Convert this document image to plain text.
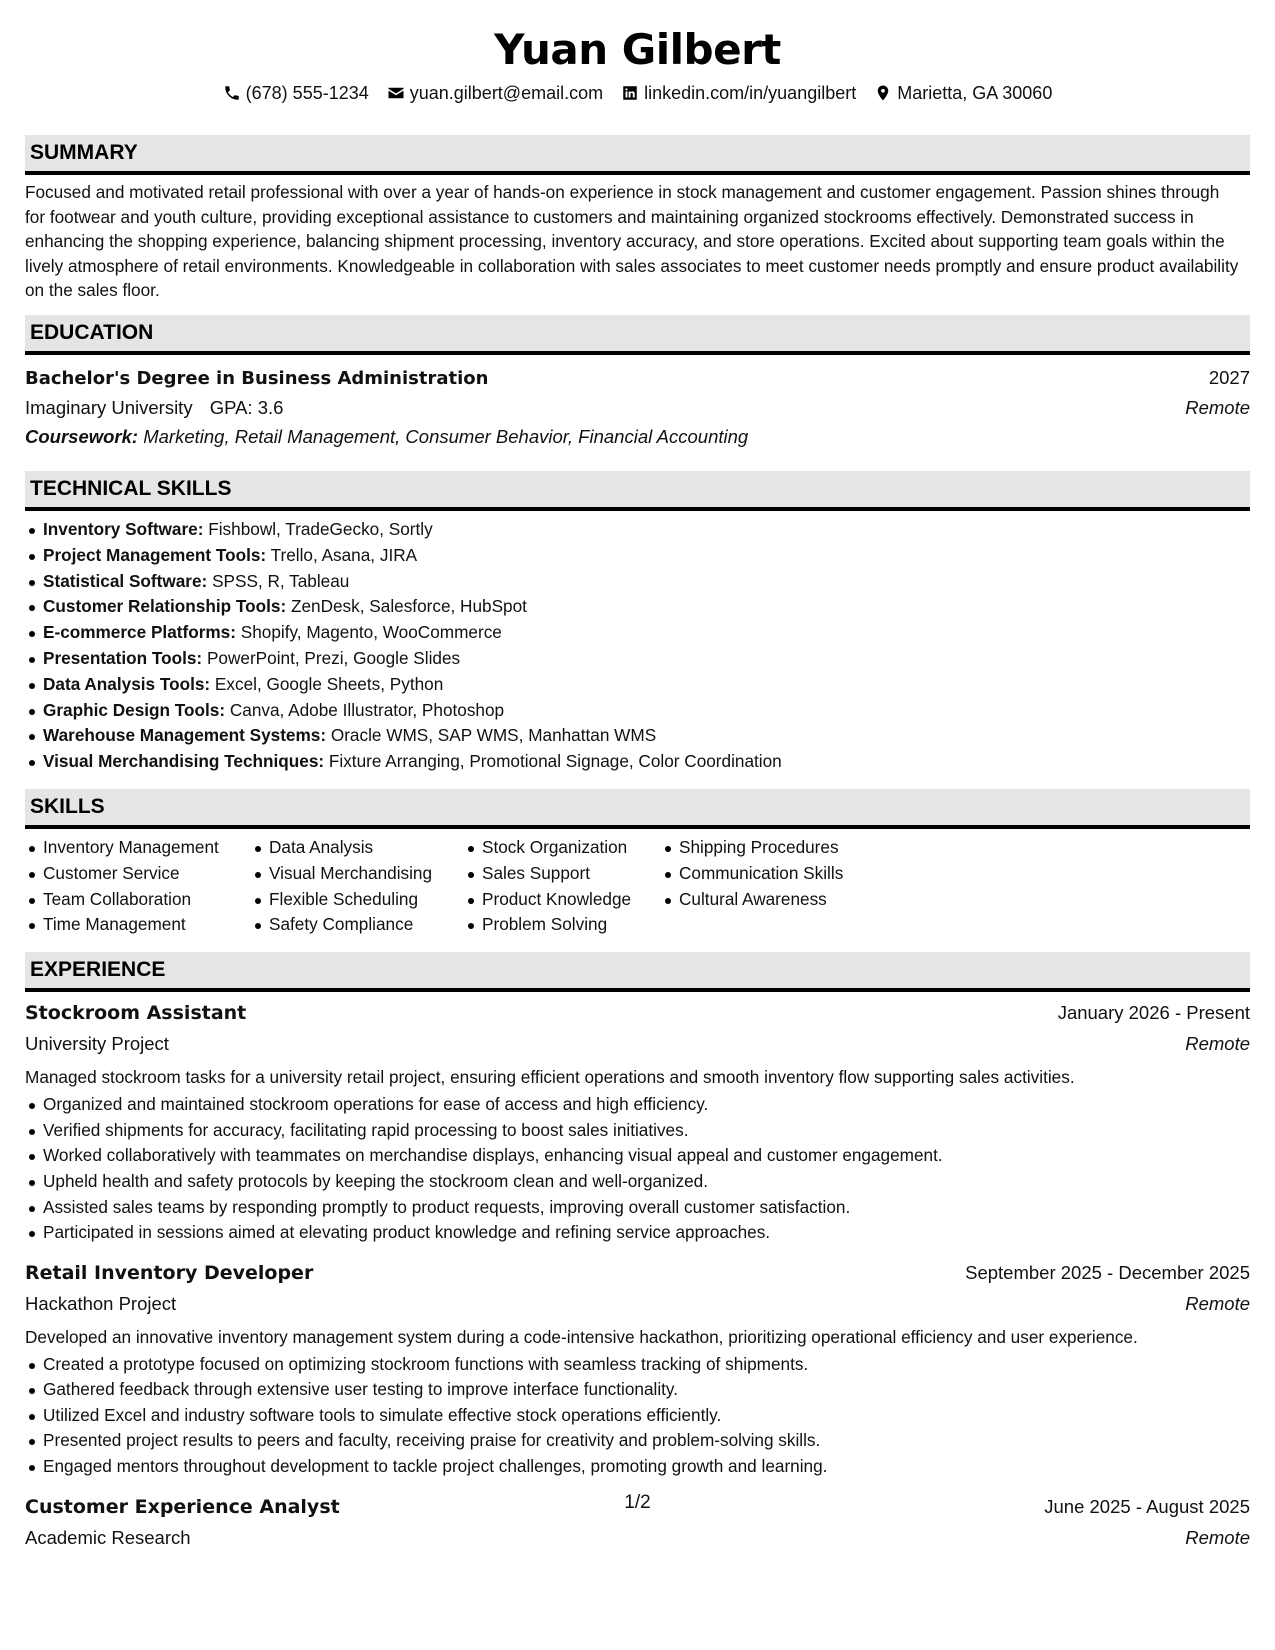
Yuan Gilbert
(678) 555-1234 yuan.gilbert@email.com linkedin.com/in/yuangilbert Marietta, GA 30060
SUMMARY

Focused and motivated retail professional with over a year of hands-on experience in stock management and customer engagement. Passion shines through for footwear and youth culture, providing exceptional assistance to customers and maintaining organized stockrooms effectively. Demonstrated success in enhancing the shopping experience, balancing shipment processing, inventory accuracy, and store operations. Excited about supporting team goals within the lively atmosphere of retail environments. Knowledgeable in collaboration with sales associates to meet customer needs promptly and ensure product availability on the sales floor.

EDUCATION
Bachelor's Degree in Business Administration	2027
Imaginary University GPA: 3.6	Remote
Coursework: Marketing, Retail Management, Consumer Behavior, Financial Accounting
TECHNICAL SKILLS
Inventory Software: Fishbowl, TradeGecko, Sortly
Project Management Tools: Trello, Asana, JIRA
Statistical Software: SPSS, R, Tableau
Customer Relationship Tools: ZenDesk, Salesforce, HubSpot
E-commerce Platforms: Shopify, Magento, WooCommerce
Presentation Tools: PowerPoint, Prezi, Google Slides
Data Analysis Tools: Excel, Google Sheets, Python
Graphic Design Tools: Canva, Adobe Illustrator, Photoshop
Warehouse Management Systems: Oracle WMS, SAP WMS, Manhattan WMS
Visual Merchandising Techniques: Fixture Arranging, Promotional Signage, Color Coordination
SKILLS
Inventory Management
Customer Service
Team Collaboration
Time Management
Data Analysis
Visual Merchandising
Flexible Scheduling
Safety Compliance
Stock Organization
Sales Support
Product Knowledge
Problem Solving
Shipping Procedures
Communication Skills
Cultural Awareness
EXPERIENCE
Stockroom Assistant	January 2026 - Present
University Project	Remote
Managed stockroom tasks for a university retail project, ensuring efficient operations and smooth inventory flow supporting sales activities.
Organized and maintained stockroom operations for ease of access and high efficiency.
Verified shipments for accuracy, facilitating rapid processing to boost sales initiatives.
Worked collaboratively with teammates on merchandise displays, enhancing visual appeal and customer engagement.
Upheld health and safety protocols by keeping the stockroom clean and well-organized.
Assisted sales teams by responding promptly to product requests, improving overall customer satisfaction.
Participated in sessions aimed at elevating product knowledge and refining service approaches.
Retail Inventory Developer	September 2025 - December 2025
Hackathon Project	Remote
Developed an innovative inventory management system during a code-intensive hackathon, prioritizing operational efficiency and user experience.
Created a prototype focused on optimizing stockroom functions with seamless tracking of shipments.
Gathered feedback through extensive user testing to improve interface functionality.
Utilized Excel and industry software tools to simulate effective stock operations efficiently.
Presented project results to peers and faculty, receiving praise for creativity and problem-solving skills.
Engaged mentors throughout development to tackle project challenges, promoting growth and learning.
Customer Experience Analyst	June 2025 - August 2025
Academic Research	Remote
1/2
